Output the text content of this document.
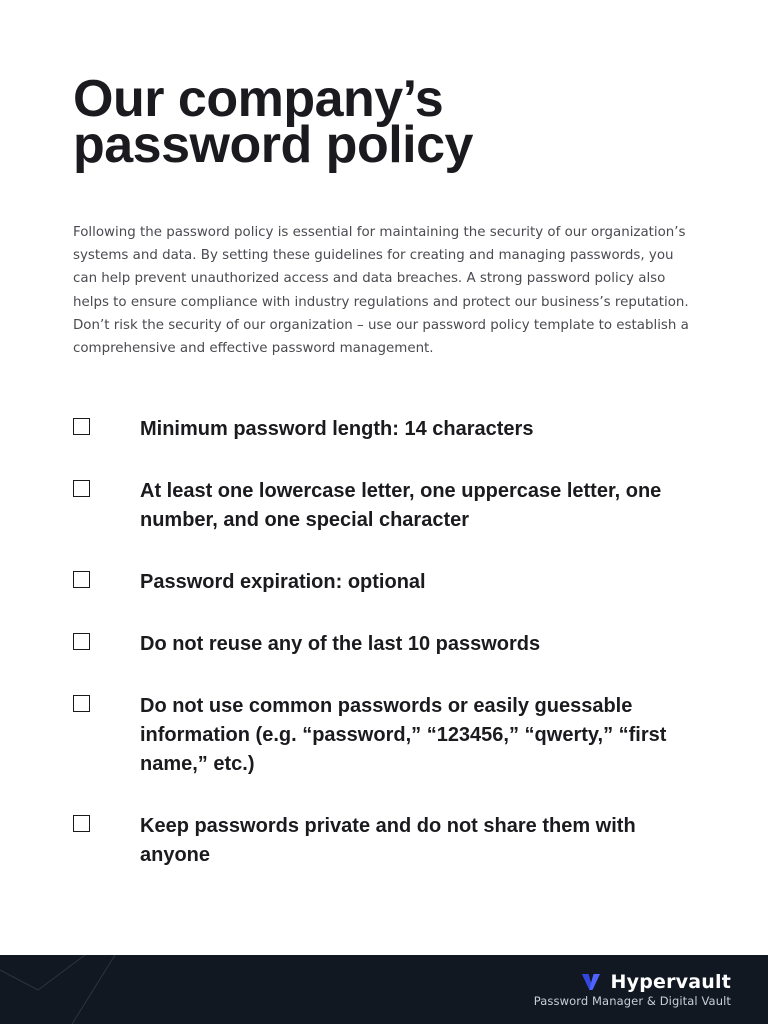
Our company’s
password policy

Following the password policy is essential for maintaining the security of our organization’s systems and data. By setting these guidelines for creating and managing passwords, you can help prevent unauthorized access and data breaches. A strong password policy also helps to ensure compliance with industry regulations and protect our business’s reputation. Don’t risk the security of our organization – use our password policy template to establish a comprehensive and effective password management.

Minimum password length: 14 characters
At least one lowercase letter, one uppercase letter, one number, and one special character
Password expiration: optional
Do not reuse any of the last 10 passwords
Do not use common passwords or easily guessable information (e.g. “password,” “123456,” “qwerty,” “first name,” etc.)
Keep passwords private and do not share them with anyone
Hypervault
Password Manager & Digital Vault
